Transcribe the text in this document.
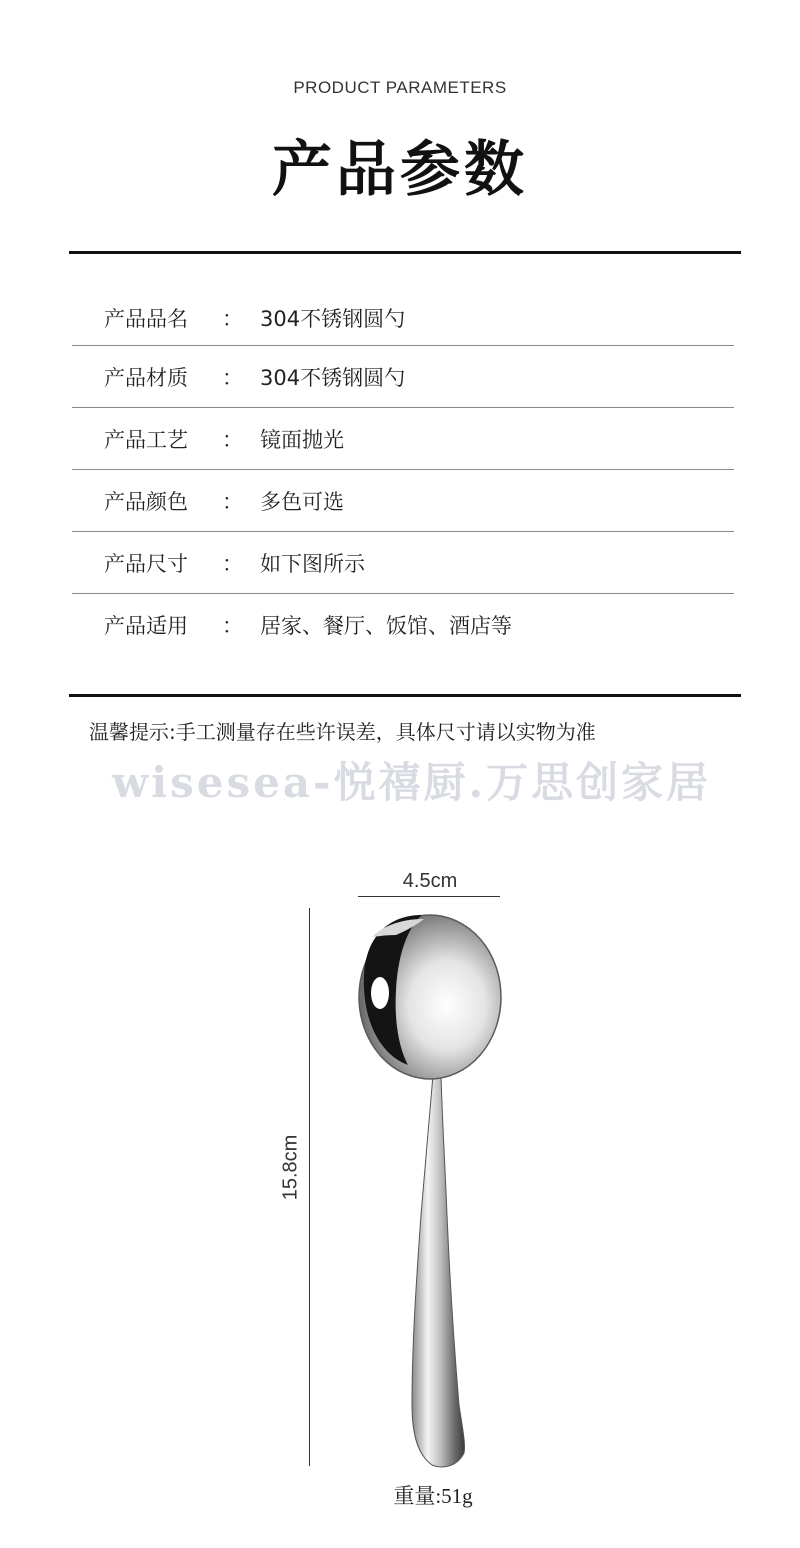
PRODUCT PARAMETERS
产品参数
产品品名 ： 304不锈钢圆勺
产品材质 ： 304不锈钢圆勺
产品工艺 ： 镜面抛光
产品颜色 ： 多色可选
产品尺寸 ： 如下图所示
产品适用 ： 居家、餐厅、饭馆、酒店等
温馨提示:手工测量存在些许误差，具体尺寸请以实物为准
wisesea-悦禧厨.万思创家居
4.5cm
15.8cm
重量:51g
